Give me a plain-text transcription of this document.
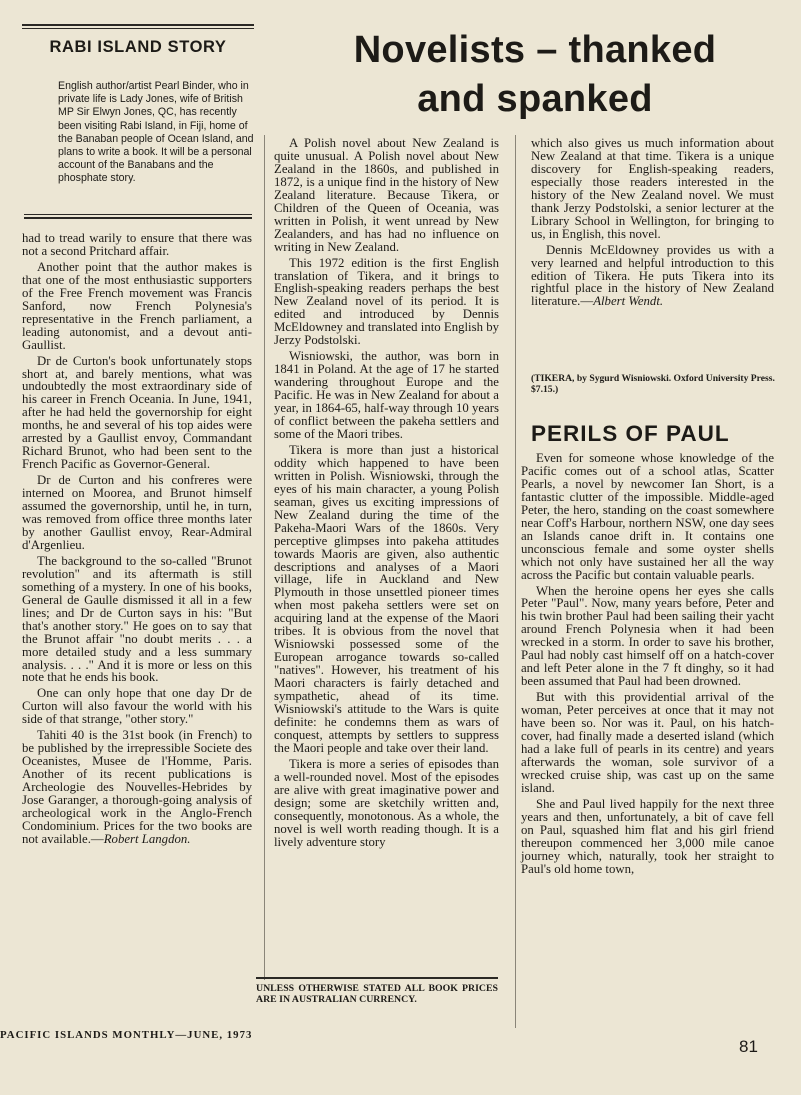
RABI ISLAND STORY
English author/artist Pearl Binder, who in private life is Lady Jones, wife of British MP Sir Elwyn Jones, QC, has recently been visiting Rabi Island, in Fiji, home of the Banaban people of Ocean Island, and plans to write a book. It will be a personal account of the Banabans and the phosphate story.
Novelists – thanked
and spanked

had to tread warily to ensure that there was not a second Pritchard affair.

Another point that the author makes is that one of the most enthusiastic supporters of the Free French movement was Francis Sanford, now French Polynesia's representative in the French parliament, a leading autonomist, and a devout anti-Gaullist.

Dr de Curton's book unfortunately stops short at, and barely mentions, what was undoubtedly the most extraordinary side of his career in French Oceania. In June, 1941, after he had held the governorship for eight months, he and several of his top aides were arrested by a Gaullist envoy, Commandant Richard Brunot, who had been sent to the French Pacific as Governor-General.

Dr de Curton and his confreres were interned on Moorea, and Brunot himself assumed the governorship, until he, in turn, was removed from office three months later by another Gaullist envoy, Rear-Admiral d'Argenlieu.

The background to the so-called "Brunot revolution" and its aftermath is still something of a mystery. In one of his books, General de Gaulle dismissed it all in a few lines; and Dr de Curton says in his: "But that's another story." He goes on to say that the Brunot affair "no doubt merits . . . a more detailed study and a less summary analysis. . . ." And it is more or less on this note that he ends his book.

One can only hope that one day Dr de Curton will also favour the world with his side of that strange, "other story."

Tahiti 40 is the 31st book (in French) to be published by the irrepressible Societe des Oceanistes, Musee de l'Homme, Paris. Another of its recent publications is Archeologie des Nouvelles-Hebrides by Jose Garanger, a thorough-going analysis of archeological work in the Anglo-French Condominium. Prices for the two books are not available.—Robert Langdon.

A Polish novel about New Zealand is quite unusual. A Polish novel about New Zealand in the 1860s, and published in 1872, is a unique find in the history of New Zealand literature. Because Tikera, or Children of the Queen of Oceania, was written in Polish, it went unread by New Zealanders, and has had no influence on writing in New Zealand.

This 1972 edition is the first English translation of Tikera, and it brings to English-speaking readers perhaps the best New Zealand novel of its period. It is edited and introduced by Dennis McEldowney and translated into English by Jerzy Podstolski.

Wisniowski, the author, was born in 1841 in Poland. At the age of 17 he started wandering throughout Europe and the Pacific. He was in New Zealand for about a year, in 1864-65, half-way through 10 years of conflict between the pakeha settlers and some of the Maori tribes.

Tikera is more than just a historical oddity which happened to have been written in Polish. Wisniowski, through the eyes of his main character, a young Polish seaman, gives us exciting impressions of New Zealand during the time of the Pakeha-Maori Wars of the 1860s. Very perceptive glimpses into pakeha attitudes towards Maoris are given, also authentic descriptions and analyses of a Maori village, life in Auckland and New Plymouth in those unsettled pioneer times when most pakeha settlers were set on acquiring land at the expense of the Maori tribes. It is obvious from the novel that Wisniowski possessed some of the European arrogance towards so-called "natives". However, his treatment of his Maori characters is fairly detached and sympathetic, ahead of its time. Wisniowski's attitude to the Wars is quite definite: he condemns them as wars of conquest, attempts by settlers to suppress the Maori people and take over their land.

Tikera is more a series of episodes than a well-rounded novel. Most of the episodes are alive with great imaginative power and design; some are sketchily written and, consequently, monotonous. As a whole, the novel is well worth reading though. It is a lively adventure story

UNLESS OTHERWISE STATED ALL BOOK PRICES ARE IN AUSTRALIAN CURRENCY.

which also gives us much information about New Zealand at that time. Tikera is a unique discovery for English-speaking readers, especially those readers interested in the history of the New Zealand novel. We must thank Jerzy Podstolski, a senior lecturer at the Library School in Wellington, for bringing to us, in English, this novel.

Dennis McEldowney provides us with a very learned and helpful introduction to this edition of Tikera. He puts Tikera into its rightful place in the history of New Zealand literature.—Albert Wendt.

(TIKERA, by Sygurd Wisniowski. Oxford University Press. $7.15.)
PERILS OF PAUL

Even for someone whose knowledge of the Pacific comes out of a school atlas, Scatter Pearls, a novel by newcomer Ian Short, is a fantastic clutter of the impossible. Middle-aged Peter, the hero, standing on the coast somewhere near Coff's Harbour, northern NSW, one day sees an Islands canoe drift in. It contains one unconscious female and some oyster shells which not only have sustained her all the way across the Pacific but contain valuable pearls.

When the heroine opens her eyes she calls Peter "Paul". Now, many years before, Peter and his twin brother Paul had been sailing their yacht around French Polynesia when it had been wrecked in a storm. In order to save his brother, Paul had nobly cast himself off on a hatch-cover and left Peter alone in the 7 ft dinghy, so it had been assumed that Paul had been drowned.

But with this providential arrival of the woman, Peter perceives at once that it may not have been so. Nor was it. Paul, on his hatch-cover, had finally made a deserted island (which had a lake full of pearls in its centre) and years afterwards the woman, sole survivor of a wrecked cruise ship, was cast up on the same island.

She and Paul lived happily for the next three years and then, unfortunately, a bit of cave fell on Paul, squashed him flat and his girl friend thereupon commenced her 3,000 mile canoe journey which, naturally, took her straight to Paul's old home town,

PACIFIC ISLANDS MONTHLY—JUNE, 1973
81
